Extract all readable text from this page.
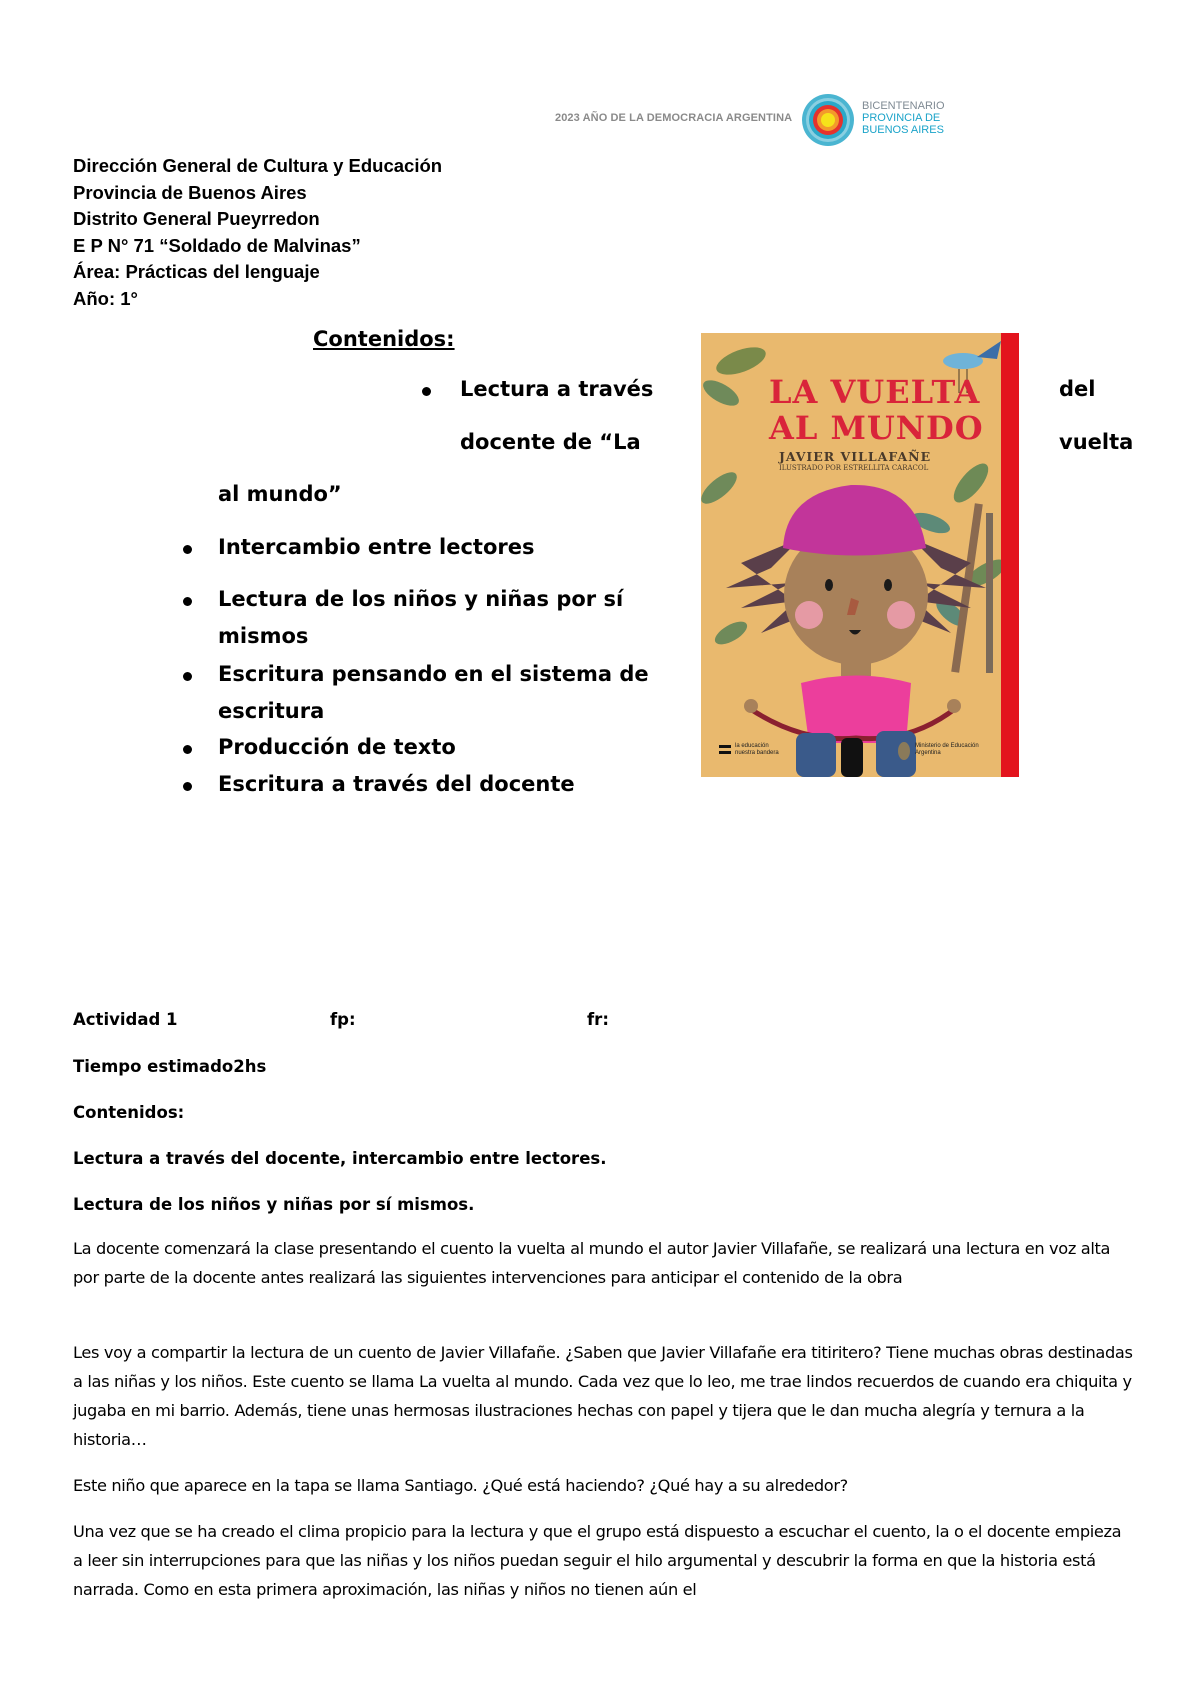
2023 AÑO DE LA DEMOCRACIA ARGENTINA
BICENTENARIO
PROVINCIA DE
BUENOS AIRES
Dirección General de Cultura y Educación
Provincia de Buenos Aires
Distrito General Pueyrredon
E P N° 71 “Soldado de Malvinas”
Área: Prácticas del lenguaje
Año: 1°
Contenidos:
Lectura a través	del
docente de “La	vuelta
al mundo”
Intercambio entre lectores
Lectura de los niños y niñas por sí
mismos
Escritura pensando en el sistema de
escritura
Producción de texto
Escritura a través del docente
LA VUELTA
AL MUNDO
JAVIER VILLAFAÑE
ILUSTRADO POR ESTRELLITA CARACOL
la educación
nuestra bandera
Ministerio de Educación
Argentina
Actividad 1	fp:	fr:
Tiempo estimado2hs
Contenidos:
Lectura a través del docente, intercambio entre lectores.
Lectura de los niños y niñas por sí mismos.
La docente comenzará la clase presentando el cuento la vuelta al mundo el autor Javier Villafañe, se realizará una lectura en voz alta por parte de la docente antes realizará las siguientes intervenciones para anticipar el contenido de la obra
Les voy a compartir la lectura de un cuento de Javier Villafañe. ¿Saben que Javier Villafañe era titiritero? Tiene muchas obras destinadas a las niñas y los niños. Este cuento se llama La vuelta al mundo. Cada vez que lo leo, me trae lindos recuerdos de cuando era chiquita y jugaba en mi barrio. Además, tiene unas hermosas ilustraciones hechas con papel y tijera que le dan mucha alegría y ternura a la historia…
Este niño que aparece en la tapa se llama Santiago. ¿Qué está haciendo? ¿Qué hay a su alrededor?
Una vez que se ha creado el clima propicio para la lectura y que el grupo está dispuesto a escuchar el cuento, la o el docente empieza a leer sin interrupciones para que las niñas y los niños puedan seguir el hilo argumental y descubrir la forma en que la historia está narrada. Como en esta primera aproximación, las niñas y niños no tienen aún el
